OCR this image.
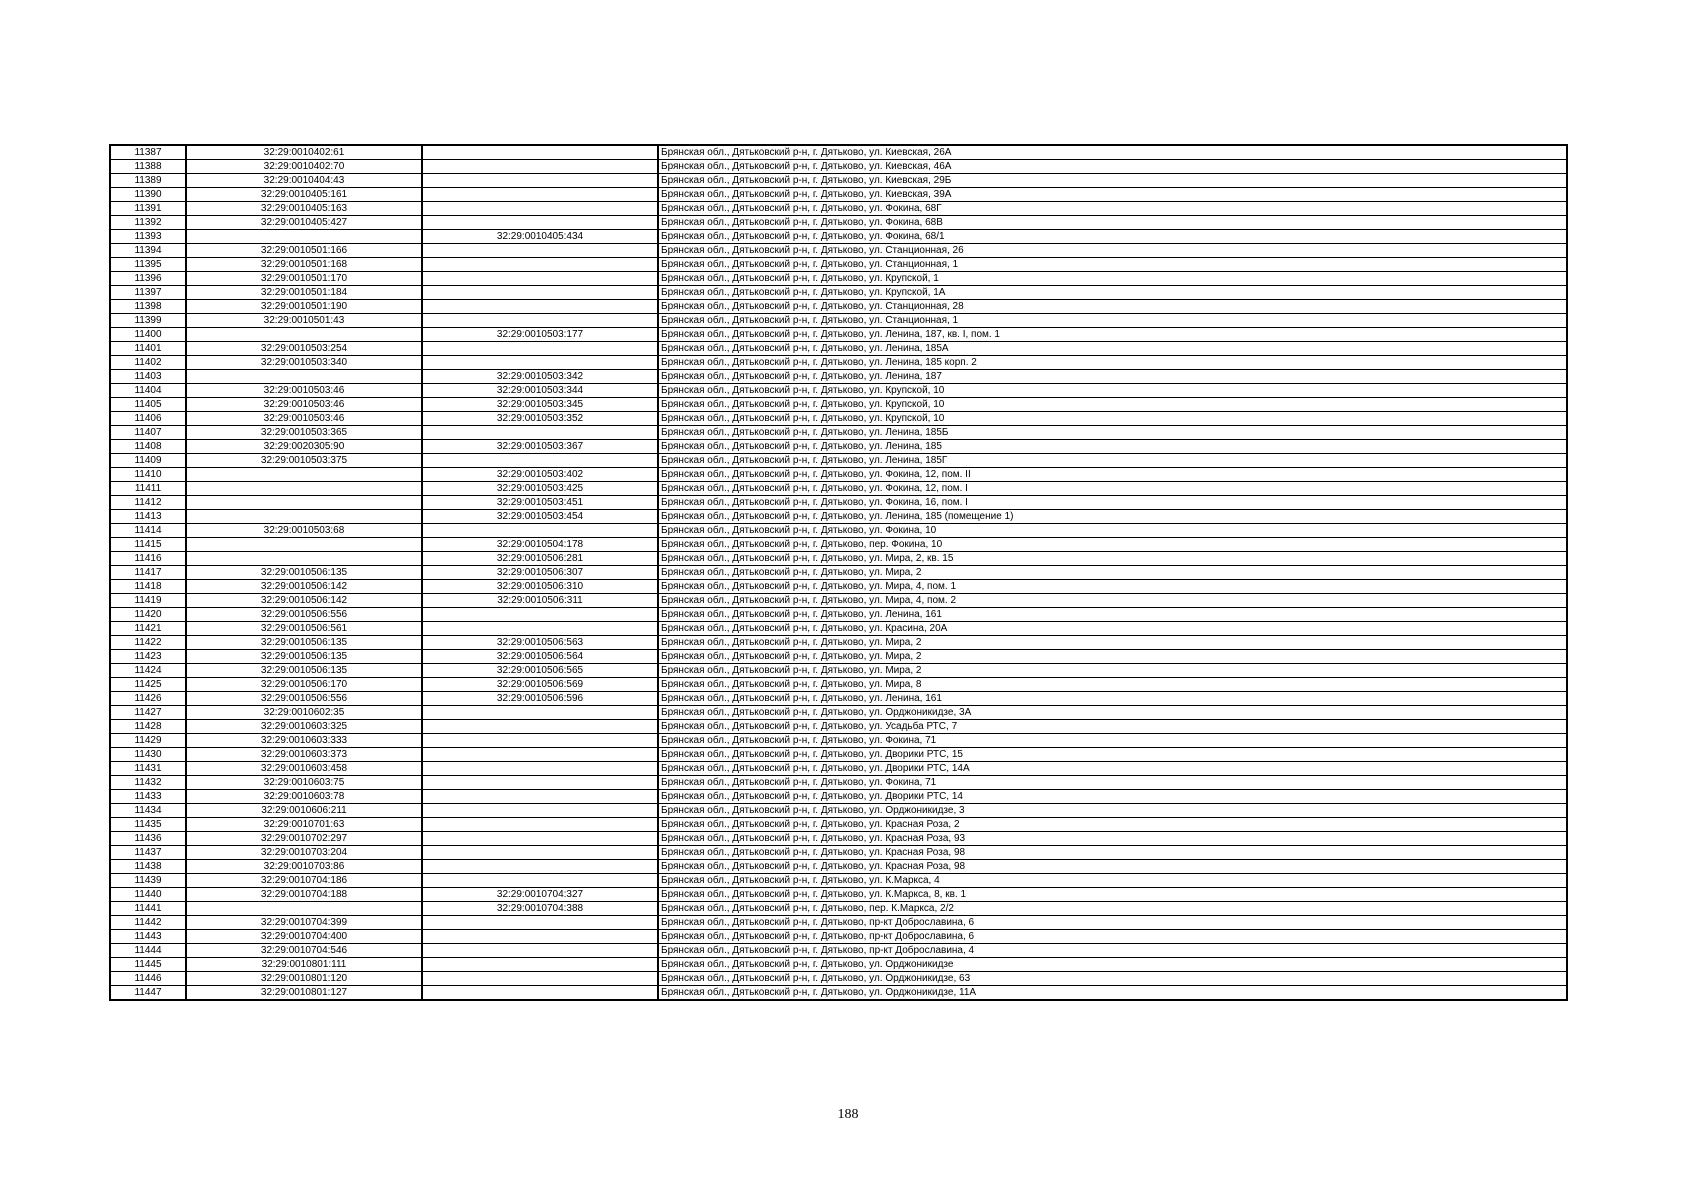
11387	32:29:0010402:61		Брянская обл., Дятьковский р-н, г. Дятьково, ул. Киевская, 26А
11388	32:29:0010402:70		Брянская обл., Дятьковский р-н, г. Дятьково, ул. Киевская, 46А
11389	32:29:0010404:43		Брянская обл., Дятьковский р-н, г. Дятьково, ул. Киевская, 29Б
11390	32:29:0010405:161		Брянская обл., Дятьковский р-н, г. Дятьково, ул. Киевская, 39А
11391	32:29:0010405:163		Брянская обл., Дятьковский р-н, г. Дятьково, ул. Фокина, 68Г
11392	32:29:0010405:427		Брянская обл., Дятьковский р-н, г. Дятьково, ул. Фокина, 68В
11393		32:29:0010405:434	Брянская обл., Дятьковский р-н, г. Дятьково, ул. Фокина, 68/1
11394	32:29:0010501:166		Брянская обл., Дятьковский р-н, г. Дятьково, ул. Станционная, 26
11395	32:29:0010501:168		Брянская обл., Дятьковский р-н, г. Дятьково, ул. Станционная, 1
11396	32:29:0010501:170		Брянская обл., Дятьковский р-н, г. Дятьково, ул. Крупской, 1
11397	32:29:0010501:184		Брянская обл., Дятьковский р-н, г. Дятьково, ул. Крупской, 1А
11398	32:29:0010501:190		Брянская обл., Дятьковский р-н, г. Дятьково, ул. Станционная, 28
11399	32:29:0010501:43		Брянская обл., Дятьковский р-н, г. Дятьково, ул. Станционная, 1
11400		32:29:0010503:177	Брянская обл., Дятьковский р-н, г. Дятьково, ул. Ленина, 187, кв. I, пом. 1
11401	32:29:0010503:254		Брянская обл., Дятьковский р-н, г. Дятьково, ул. Ленина, 185А
11402	32:29:0010503:340		Брянская обл., Дятьковский р-н, г. Дятьково, ул. Ленина, 185 корп. 2
11403		32:29:0010503:342	Брянская обл., Дятьковский р-н, г. Дятьково, ул. Ленина, 187
11404	32:29:0010503:46	32:29:0010503:344	Брянская обл., Дятьковский р-н, г. Дятьково, ул. Крупской, 10
11405	32:29:0010503:46	32:29:0010503:345	Брянская обл., Дятьковский р-н, г. Дятьково, ул. Крупской, 10
11406	32:29:0010503:46	32:29:0010503:352	Брянская обл., Дятьковский р-н, г. Дятьково, ул. Крупской, 10
11407	32:29:0010503:365		Брянская обл., Дятьковский р-н, г. Дятьково, ул. Ленина, 185Б
11408	32:29:0020305:90	32:29:0010503:367	Брянская обл., Дятьковский р-н, г. Дятьково, ул. Ленина, 185
11409	32:29:0010503:375		Брянская обл., Дятьковский р-н, г. Дятьково, ул. Ленина, 185Г
11410		32:29:0010503:402	Брянская обл., Дятьковский р-н, г. Дятьково, ул. Фокина, 12, пом. II
11411		32:29:0010503:425	Брянская обл., Дятьковский р-н, г. Дятьково, ул. Фокина, 12, пом. I
11412		32:29:0010503:451	Брянская обл., Дятьковский р-н, г. Дятьково, ул. Фокина, 16, пом. I
11413		32:29:0010503:454	Брянская обл., Дятьковский р-н, г. Дятьково, ул. Ленина, 185 (помещение 1)
11414	32:29:0010503:68		Брянская обл., Дятьковский р-н, г. Дятьково, ул. Фокина, 10
11415		32:29:0010504:178	Брянская обл., Дятьковский р-н, г. Дятьково, пер. Фокина, 10
11416		32:29:0010506:281	Брянская обл., Дятьковский р-н, г. Дятьково, ул. Мира, 2, кв. 15
11417	32:29:0010506:135	32:29:0010506:307	Брянская обл., Дятьковский р-н, г. Дятьково, ул. Мира, 2
11418	32:29:0010506:142	32:29:0010506:310	Брянская обл., Дятьковский р-н, г. Дятьково, ул. Мира, 4, пом. 1
11419	32:29:0010506:142	32:29:0010506:311	Брянская обл., Дятьковский р-н, г. Дятьково, ул. Мира, 4, пом. 2
11420	32:29:0010506:556		Брянская обл., Дятьковский р-н, г. Дятьково, ул. Ленина, 161
11421	32:29:0010506:561		Брянская обл., Дятьковский р-н, г. Дятьково, ул. Красина, 20А
11422	32:29:0010506:135	32:29:0010506:563	Брянская обл., Дятьковский р-н, г. Дятьково, ул. Мира, 2
11423	32:29:0010506:135	32:29:0010506:564	Брянская обл., Дятьковский р-н, г. Дятьково, ул. Мира, 2
11424	32:29:0010506:135	32:29:0010506:565	Брянская обл., Дятьковский р-н, г. Дятьково, ул. Мира, 2
11425	32:29:0010506:170	32:29:0010506:569	Брянская обл., Дятьковский р-н, г. Дятьково, ул. Мира, 8
11426	32:29:0010506:556	32:29:0010506:596	Брянская обл., Дятьковский р-н, г. Дятьково, ул. Ленина, 161
11427	32:29:0010602:35		Брянская обл., Дятьковский р-н, г. Дятьково, ул. Орджоникидзе, 3А
11428	32:29:0010603:325		Брянская обл., Дятьковский р-н, г. Дятьково, ул. Усадьба РТС, 7
11429	32:29:0010603:333		Брянская обл., Дятьковский р-н, г. Дятьково, ул. Фокина, 71
11430	32:29:0010603:373		Брянская обл., Дятьковский р-н, г. Дятьково, ул. Дворики РТС, 15
11431	32:29:0010603:458		Брянская обл., Дятьковский р-н, г. Дятьково, ул. Дворики РТС, 14А
11432	32:29:0010603:75		Брянская обл., Дятьковский р-н, г. Дятьково, ул. Фокина, 71
11433	32:29:0010603:78		Брянская обл., Дятьковский р-н, г. Дятьково, ул. Дворики РТС, 14
11434	32:29:0010606:211		Брянская обл., Дятьковский р-н, г. Дятьково, ул. Орджоникидзе, 3
11435	32:29:0010701:63		Брянская обл., Дятьковский р-н, г. Дятьково, ул. Красная Роза, 2
11436	32:29:0010702:297		Брянская обл., Дятьковский р-н, г. Дятьково, ул. Красная Роза, 93
11437	32:29:0010703:204		Брянская обл., Дятьковский р-н, г. Дятьково, ул. Красная Роза, 98
11438	32:29:0010703:86		Брянская обл., Дятьковский р-н, г. Дятьково, ул. Красная Роза, 98
11439	32:29:0010704:186		Брянская обл., Дятьковский р-н, г. Дятьково, ул. К.Маркса, 4
11440	32:29:0010704:188	32:29:0010704:327	Брянская обл., Дятьковский р-н, г. Дятьково, ул. К.Маркса, 8, кв. 1
11441		32:29:0010704:388	Брянская обл., Дятьковский р-н, г. Дятьково, пер. К.Маркса, 2/2
11442	32:29:0010704:399		Брянская обл., Дятьковский р-н, г. Дятьково, пр-кт Доброславина, 6
11443	32:29:0010704:400		Брянская обл., Дятьковский р-н, г. Дятьково, пр-кт Доброславина, 6
11444	32:29:0010704:546		Брянская обл., Дятьковский р-н, г. Дятьково, пр-кт Доброславина, 4
11445	32:29:0010801:111		Брянская обл., Дятьковский р-н, г. Дятьково, ул. Орджоникидзе
11446	32:29:0010801:120		Брянская обл., Дятьковский р-н, г. Дятьково, ул. Орджоникидзе, 63
11447	32:29:0010801:127		Брянская обл., Дятьковский р-н, г. Дятьково, ул. Орджоникидзе, 11А
188
